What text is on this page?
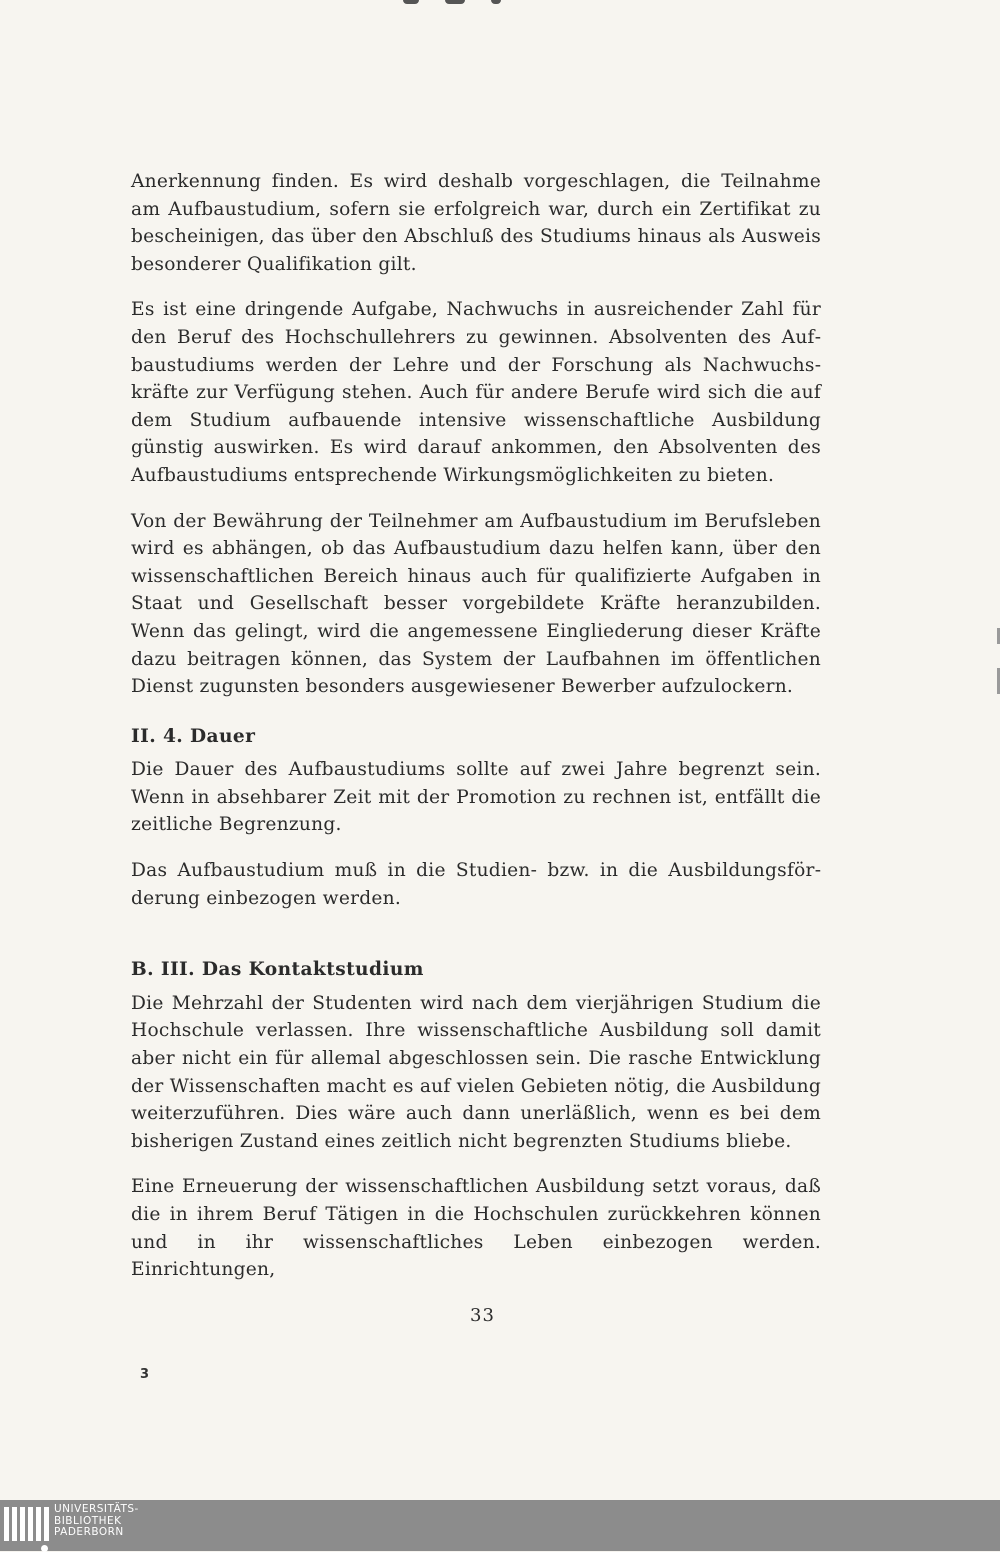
Anerkennung finden. Es wird deshalb vorgeschlagen, die Teilnahme am Aufbaustudium, sofern sie erfolgreich war, durch ein Zertifikat zu bescheinigen, das über den Abschluß des Studiums hinaus als Ausweis besonderer Qualifikation gilt.

Es ist eine dringende Aufgabe, Nachwuchs in ausreichender Zahl für den Beruf des Hochschullehrers zu gewinnen. Absolventen des Aufbaustudiums werden der Lehre und der Forschung als Nachwuchskräfte zur Verfügung stehen. Auch für andere Berufe wird sich die auf dem Studium aufbauende intensive wissenschaftliche Ausbildung günstig auswirken. Es wird darauf ankommen, den Absolventen des Aufbaustudiums entsprechende Wirkungsmöglichkeiten zu bieten.

Von der Bewährung der Teilnehmer am Aufbaustudium im Berufsleben wird es abhängen, ob das Aufbaustudium dazu helfen kann, über den wissenschaftlichen Bereich hinaus auch für qualifizierte Aufgaben in Staat und Gesellschaft besser vorgebildete Kräfte heranzubilden. Wenn das gelingt, wird die angemessene Eingliederung dieser Kräfte dazu beitragen können, das System der Laufbahnen im öffentlichen Dienst zugunsten besonders ausgewiesener Bewerber aufzulockern.

II. 4. Dauer

Die Dauer des Aufbaustudiums sollte auf zwei Jahre begrenzt sein. Wenn in absehbarer Zeit mit der Promotion zu rechnen ist, entfällt die zeitliche Begrenzung.

Das Aufbaustudium muß in die Studien- bzw. in die Ausbildungsförderung einbezogen werden.

B. III. Das Kontaktstudium

Die Mehrzahl der Studenten wird nach dem vierjährigen Studium die Hochschule verlassen. Ihre wissenschaftliche Ausbildung soll damit aber nicht ein für allemal abgeschlossen sein. Die rasche Entwicklung der Wissenschaften macht es auf vielen Gebieten nötig, die Ausbildung weiterzuführen. Dies wäre auch dann unerläßlich, wenn es bei dem bisherigen Zustand eines zeitlich nicht begrenzten Studiums bliebe.

Eine Erneuerung der wissenschaftlichen Ausbildung setzt voraus, daß die in ihrem Beruf Tätigen in die Hochschulen zurückkehren können und in ihr wissenschaftliches Leben einbezogen werden. Einrichtungen,

33
3
UNIVERSITÄTS-
BIBLIOTHEK
PADERBORN
